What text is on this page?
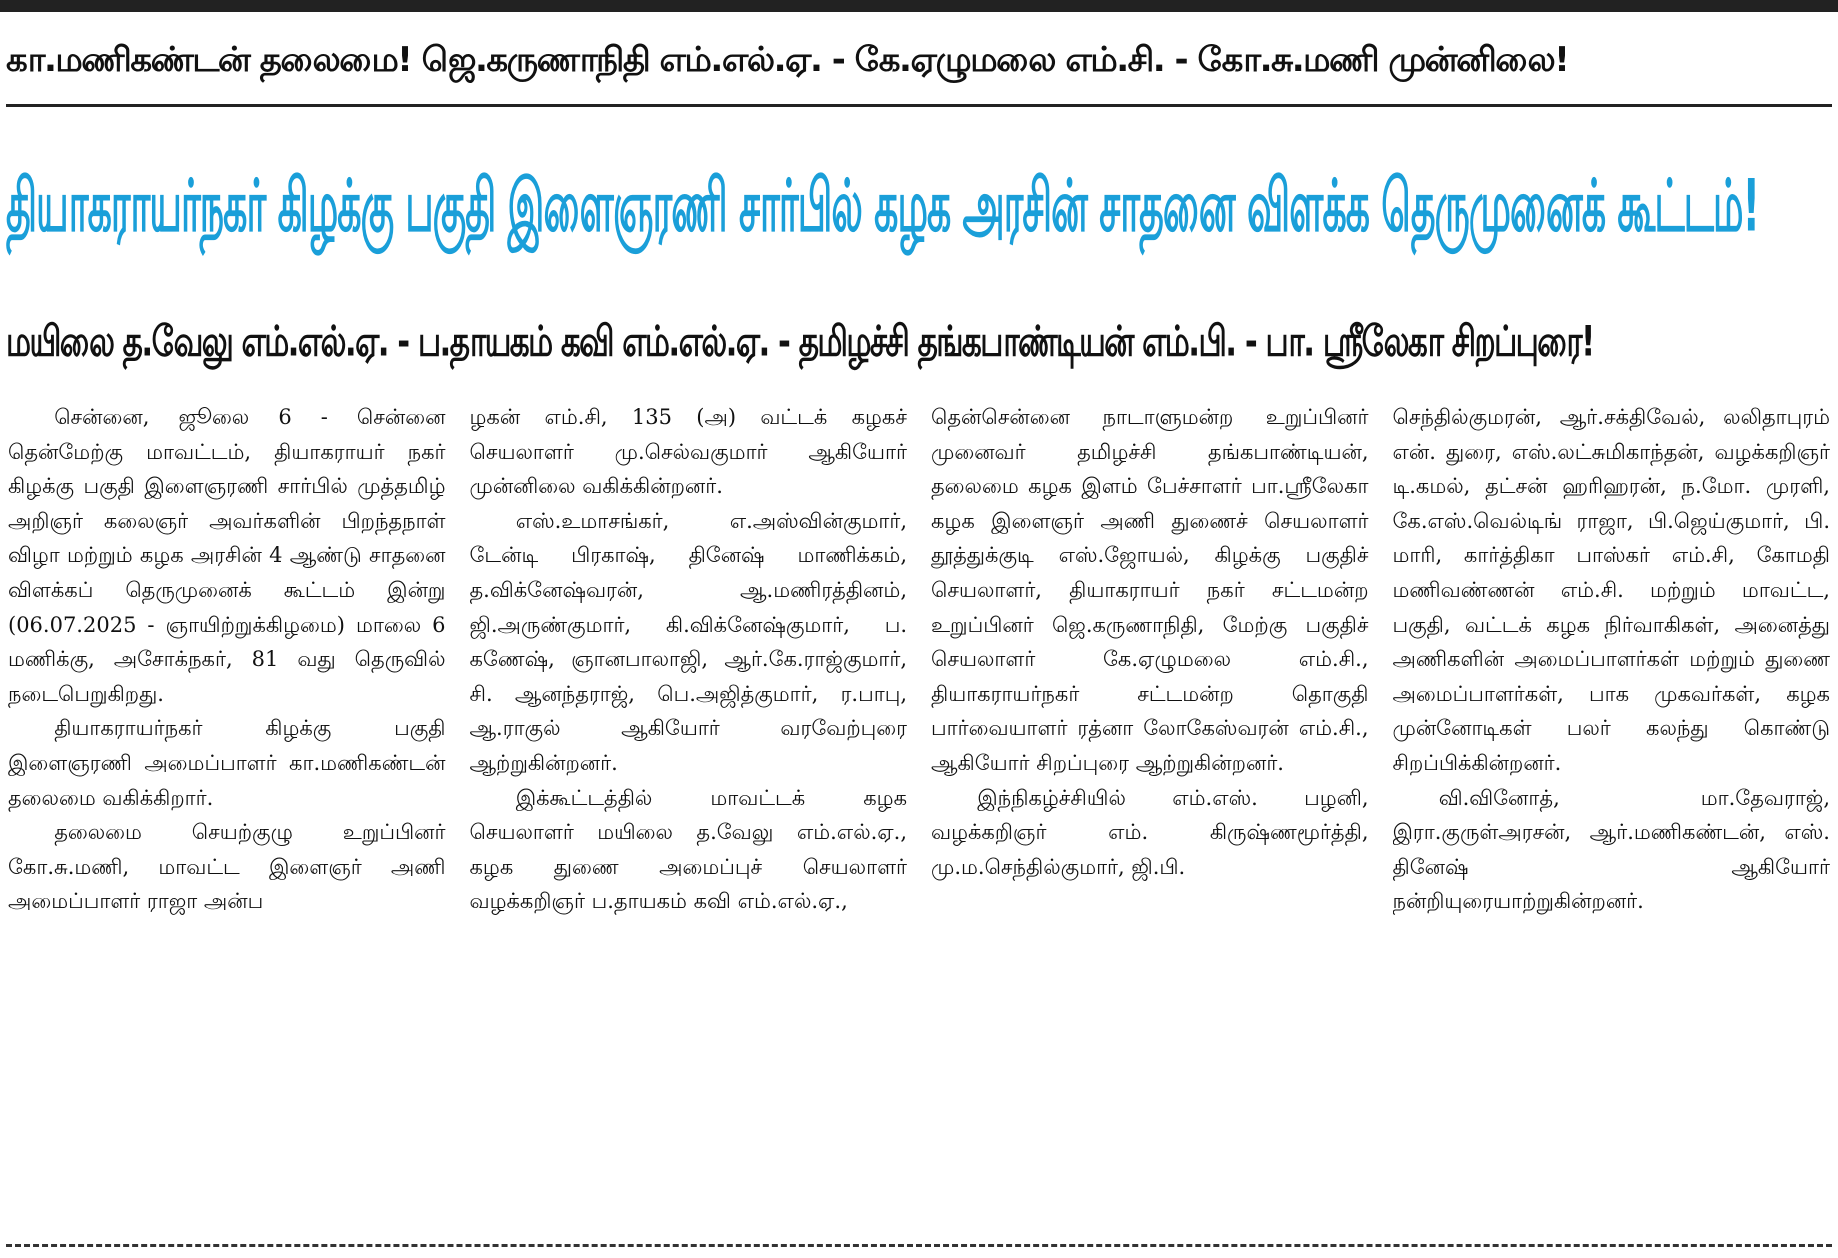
கா.மணிகண்டன் தலைமை! ஜெ.கருணாநிதி எம்.எல்.ஏ. - கே.ஏழுமலை எம்.சி. - கோ.சு.மணி முன்னிலை!
தியாகராயர்நகர் கிழக்கு பகுதி இளைஞரணி சார்பில் கழக அரசின் சாதனை விளக்க தெருமுனைக் கூட்டம்!
மயிலை த.வேலு எம்.எல்.ஏ. - ப.தாயகம் கவி எம்.எல்.ஏ. - தமிழச்சி தங்கபாண்டியன் எம்.பி. - பா. ஸ்ரீலேகா சிறப்புரை!

சென்னை, ஜூலை 6 - சென்னை தென்மேற்கு மாவட்டம், தியாகராயர் நகர் கிழக்கு பகுதி இளைஞரணி சார்பில் முத்தமிழ் அறிஞர் கலைஞர் அவர்களின் பிறந்தநாள் விழா மற்றும் கழக அரசின் 4 ஆண்டு சாதனை விளக்கப் தெருமுனைக் கூட்டம் இன்று (06.07.2025 - ஞாயிற்றுக்கிழமை) மாலை 6 மணிக்கு, அசோக்நகர், 81 வது தெருவில் நடைபெறுகிறது.

தியாகராயர்நகர் கிழக்கு பகுதி இளைஞரணி அமைப்பாளர் கா.மணிகண்டன் தலைமை வகிக்கிறார்.

தலைமை செயற்குழு உறுப்பினர் கோ.சு.மணி, மாவட்ட இளைஞர் அணி அமைப்பாளர் ராஜா அன்ப

ழகன் எம்.சி, 135 (அ) வட்டக் கழகச் செயலாளர் மு.செல்வகுமார் ஆகியோர் முன்னிலை வகிக்கின்றனர்.

எஸ்.உமாசங்கர், எ.அஸ்வின்குமார், டேன்டி பிரகாஷ், தினேஷ் மாணிக்கம், த.விக்னேஷ்வரன், ஆ.மணிரத்தினம், ஜி.அருண்குமார், கி.விக்னேஷ்குமார், ப. கணேஷ், ஞானபாலாஜி, ஆர்.கே.ராஜ்குமார், சி. ஆனந்தராஜ், பெ.அஜித்குமார், ர.பாபு, ஆ.ராகுல் ஆகியோர் வரவேற்புரை ஆற்றுகின்றனர்.

இக்கூட்டத்தில் மாவட்டக் கழக செயலாளர் மயிலை த.வேலு எம்.எல்.ஏ., கழக துணை அமைப்புச் செயலாளர் வழக்கறிஞர் ப.தாயகம் கவி எம்.எல்.ஏ.,

தென்சென்னை நாடாளுமன்ற உறுப்பினர் முனைவர் தமிழச்சி தங்கபாண்டியன், தலைமை கழக இளம் பேச்சாளர் பா.ஸ்ரீலேகா கழக இளைஞர் அணி துணைச் செயலாளர் தூத்துக்குடி எஸ்.ஜோயல், கிழக்கு பகுதிச் செயலாளர், தியாகராயர் நகர் சட்டமன்ற உறுப்பினர் ஜெ.கருணாநிதி, மேற்கு பகுதிச் செயலாளர் கே.ஏழுமலை எம்.சி., தியாகராயர்நகர் சட்டமன்ற தொகுதி பார்வையாளர் ரத்னா லோகேஸ்வரன் எம்.சி., ஆகியோர் சிறப்புரை ஆற்றுகின்றனர்.

இந்நிகழ்ச்சியில் எம்.எஸ். பழனி, வழக்கறிஞர் எம். கிருஷ்ணமூர்த்தி, மு.ம.செந்தில்குமார், ஜி.பி.

செந்தில்குமரன், ஆர்.சக்திவேல், லலிதாபுரம் என். துரை, எஸ்.லட்சுமிகாந்தன், வழக்கறிஞர் டி.கமல், தட்சன் ஹரிஹரன், ந.மோ. முரளி, கே.எஸ்.வெல்டிங் ராஜா, பி.ஜெய்குமார், பி. மாரி, கார்த்திகா பாஸ்கர் எம்.சி, கோமதி மணிவண்ணன் எம்.சி. மற்றும் மாவட்ட, பகுதி, வட்டக் கழக நிர்வாகிகள், அனைத்து அணிகளின் அமைப்பாளர்கள் மற்றும் துணை அமைப்பாளர்கள், பாக முகவர்கள், கழக முன்னோடிகள் பலர் கலந்து கொண்டு சிறப்பிக்கின்றனர்.

வி.வினோத், மா.தேவராஜ், இரா.குருள்அரசன், ஆர்.மணிகண்டன், எஸ். தினேஷ் ஆகியோர் நன்றியுரையாற்றுகின்றனர்.
